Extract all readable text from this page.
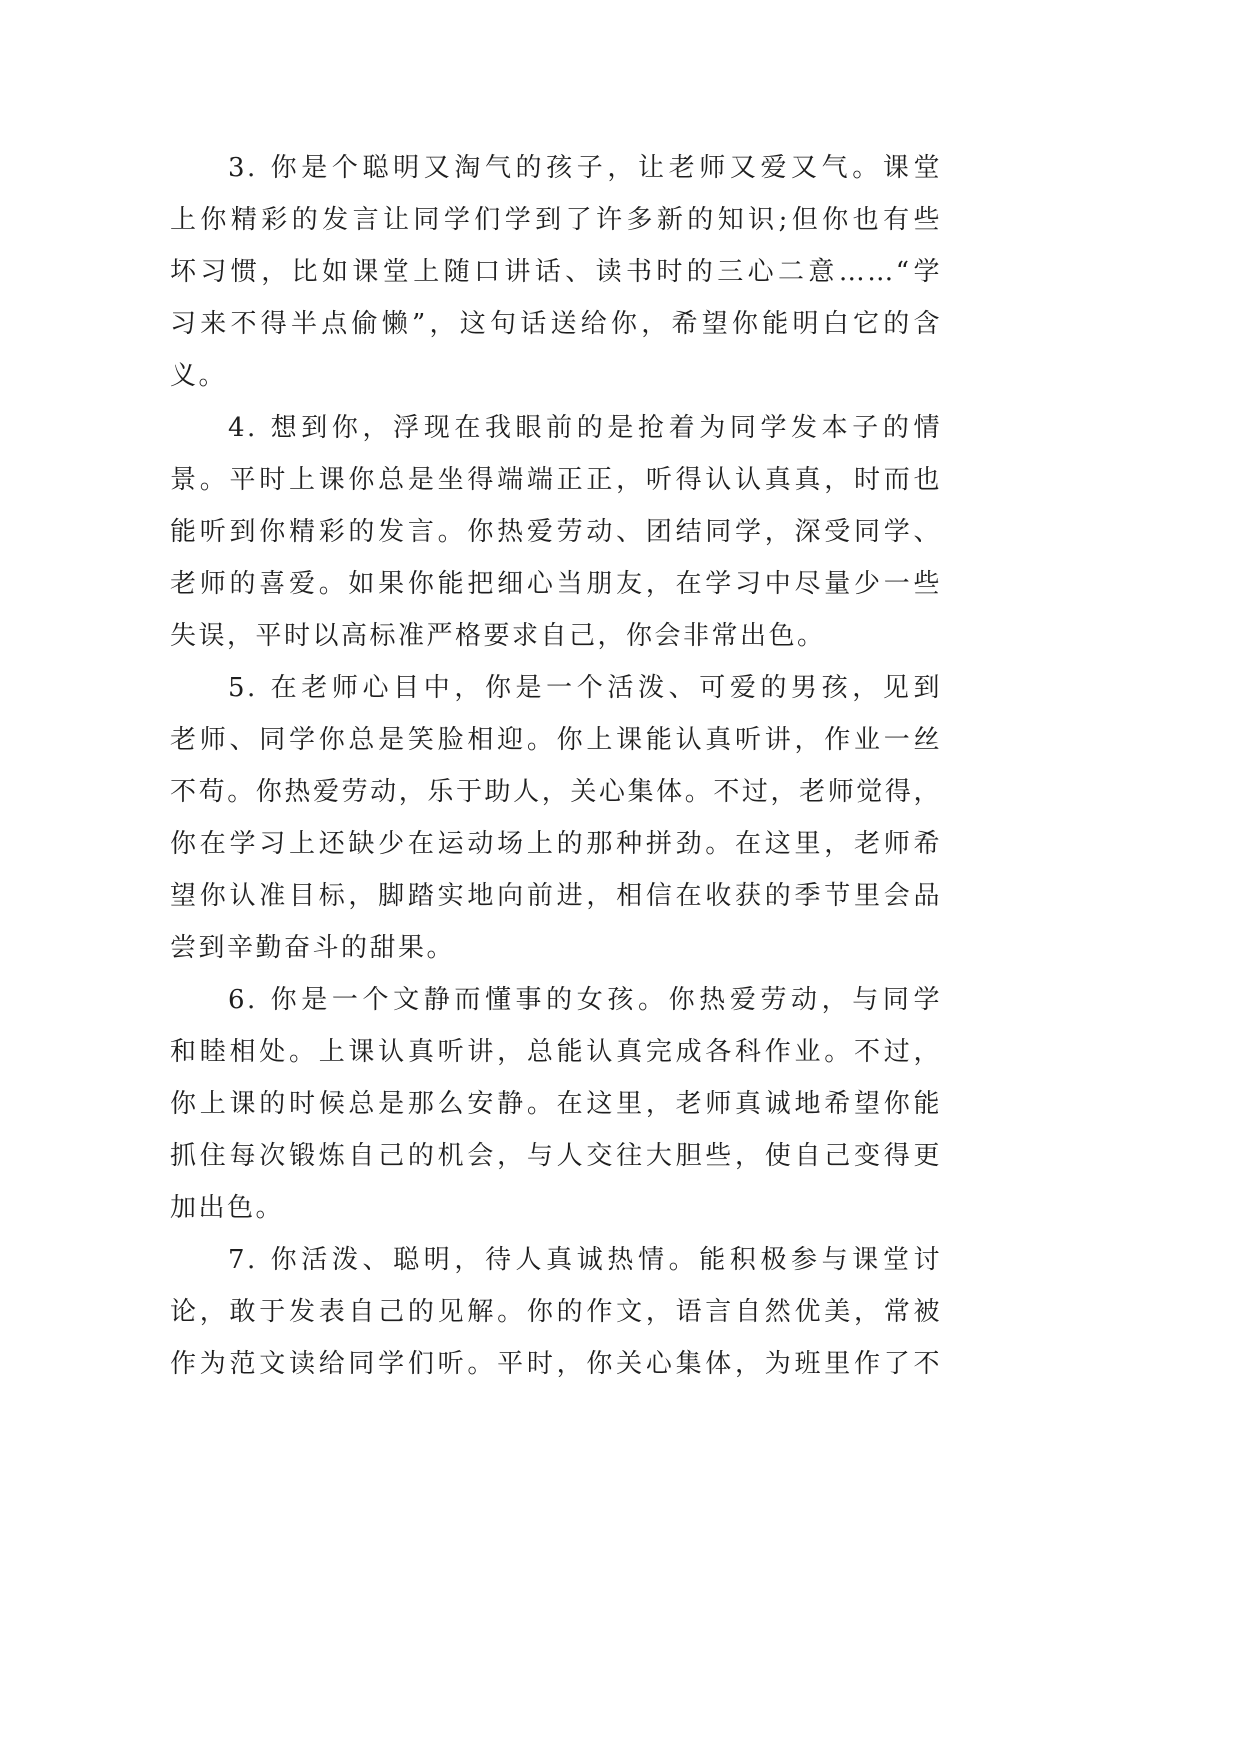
3. 你是个聪明又淘气的孩子，让老师又爱又气。课堂
上你精彩的发言让同学们学到了许多新的知识;但你也有些
坏习惯，比如课堂上随口讲话、读书时的三心二意……“学
习来不得半点偷懒”，这句话送给你，希望你能明白它的含
义。
4. 想到你，浮现在我眼前的是抢着为同学发本子的情
景。平时上课你总是坐得端端正正，听得认认真真，时而也
能听到你精彩的发言。你热爱劳动、团结同学，深受同学、
老师的喜爱。如果你能把细心当朋友，在学习中尽量少一些
失误，平时以高标准严格要求自己，你会非常出色。
5. 在老师心目中，你是一个活泼、可爱的男孩，见到
老师、同学你总是笑脸相迎。你上课能认真听讲，作业一丝
不苟。你热爱劳动，乐于助人，关心集体。不过，老师觉得，
你在学习上还缺少在运动场上的那种拼劲。在这里，老师希
望你认准目标，脚踏实地向前进，相信在收获的季节里会品
尝到辛勤奋斗的甜果。
6. 你是一个文静而懂事的女孩。你热爱劳动，与同学
和睦相处。上课认真听讲，总能认真完成各科作业。不过，
你上课的时候总是那么安静。在这里，老师真诚地希望你能
抓住每次锻炼自己的机会，与人交往大胆些，使自己变得更
加出色。
7. 你活泼、聪明，待人真诚热情。能积极参与课堂讨
论，敢于发表自己的见解。你的作文，语言自然优美，常被
作为范文读给同学们听。平时，你关心集体，为班里作了不
